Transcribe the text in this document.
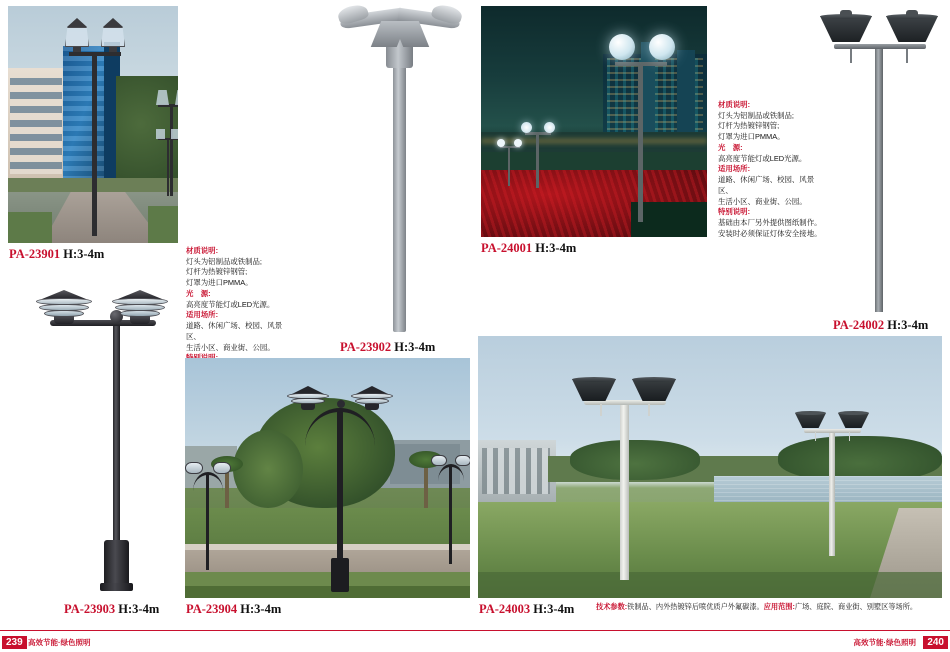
PA-23901 H:3-4m	材质说明:

灯头为铝制品或铁制品;

灯杆为热镀锌钢管;

灯罩为进口PMMA。

光　源:

高亮度节能灯或LED光源。

适用场所:

道路、休闲广场、校园、风景区、

生活小区、商业街、公园。	PA-23902 H:3-4m
PA-24001 H:3-4m
PA-24002 H:3-4m

材质说明:

灯头为铝制品或铁制品;

灯杆为热镀锌钢管;

灯罩为进口PMMA。

光　源:

高亮度节能灯或LED光源。

适用场所:

道路、休闲广场、校园、风景区、

生活小区、商业街、公园。

特别说明:

基础由本厂另外提供图纸制作。

安装时必须保证灯体安全接地。

PA-23903 H:3-4m PA-23904 H:3-4m	PA-24003 H:3-4m	技术参数:铁制品、内外热镀锌后喷优质户外氟碳漆。应用范围:广场、庭院、商业街、别墅区等场所。
239 高效节能·绿色照明	高效节能·绿色照明	240
